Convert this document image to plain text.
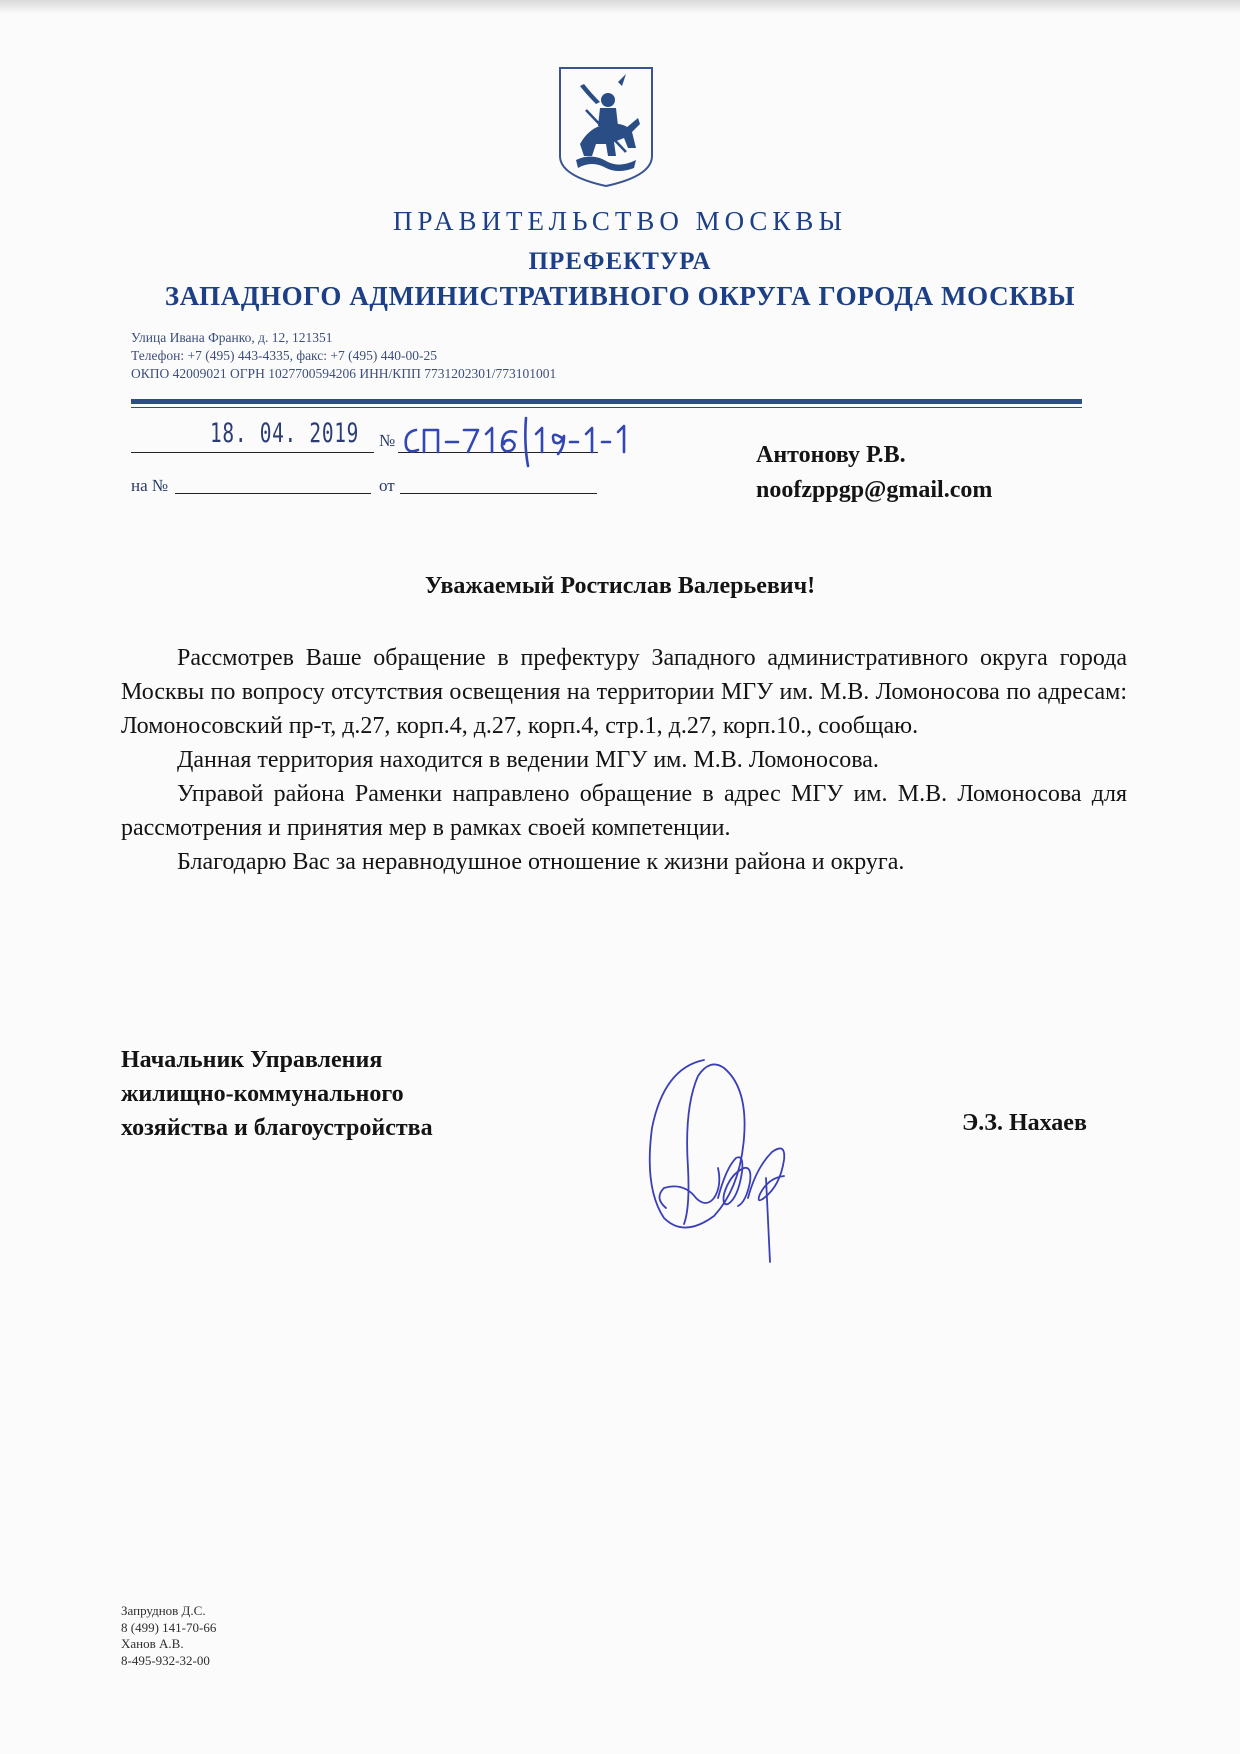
ПРАВИТЕЛЬСТВО МОСКВЫ
ПРЕФЕКТУРА
ЗАПАДНОГО АДМИНИСТРАТИВНОГО ОКРУГА ГОРОДА МОСКВЫ
Улица Ивана Франко, д. 12, 121351
Телефон: +7 (495) 443-4335, факс: +7 (495) 440-00-25
ОКПО 42009021 ОГРН 1027700594206 ИНН/КПП 7731202301/773101001
18. 04. 2019 №
на №	от
Антонову Р.В.
noofzppgp@gmail.com
Уважаемый Ростислав Валерьевич!

Рассмотрев Ваше обращение в префектуру Западного административного округа города Москвы по вопросу отсутствия освещения на территории МГУ им. М.В. Ломоносова по адресам: Ломоносовский пр-т, д.27, корп.4, д.27, корп.4, стр.1, д.27, корп.10., сообщаю.

Данная территория находится в ведении МГУ им. М.В. Ломоносова.

Управой района Раменки направлено обращение в адрес МГУ им. М.В. Ломоносова для рассмотрения и принятия мер в рамках своей компетенции.

Благодарю Вас за неравнодушное отношение к жизни района и округа.

Начальник Управления
жилищно-коммунального
хозяйства и благоустройства	Э.З. Нахаев
Запруднов Д.С.
8 (499) 141-70-66
Ханов А.В.
8-495-932-32-00
